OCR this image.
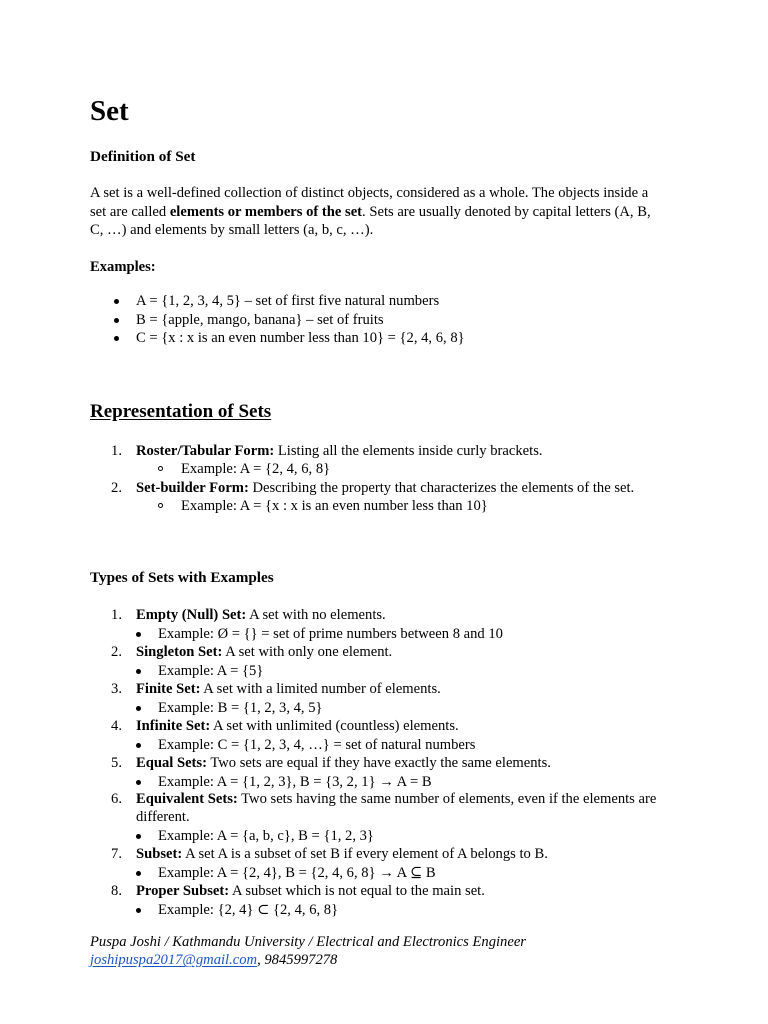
Set
Definition of Set
A set is a well-defined collection of distinct objects, considered as a whole. The objects inside a
set are called elements or members of the set. Sets are usually denoted by capital letters (A, B,
C, …) and elements by small letters (a, b, c, …).
Examples:
A = {1, 2, 3, 4, 5} – set of first five natural numbers
B = {apple, mango, banana} – set of fruits
C = {x : x is an even number less than 10} = {2, 4, 6, 8}
Representation of Sets
1. Roster/Tabular Form: Listing all the elements inside curly brackets.
Example: A = {2, 4, 6, 8}
2. Set-builder Form: Describing the property that characterizes the elements of the set.
Example: A = {x : x is an even number less than 10}
Types of Sets with Examples
1. Empty (Null) Set: A set with no elements.
Example: Ø = {} = set of prime numbers between 8 and 10
2. Singleton Set: A set with only one element.
Example: A = {5}
3. Finite Set: A set with a limited number of elements.
Example: B = {1, 2, 3, 4, 5}
4. Infinite Set: A set with unlimited (countless) elements.
Example: C = {1, 2, 3, 4, …} = set of natural numbers
5. Equal Sets: Two sets are equal if they have exactly the same elements.
Example: A = {1, 2, 3}, B = {3, 2, 1} → A = B
6. Equivalent Sets: Two sets having the same number of elements, even if the elements are
different.
Example: A = {a, b, c}, B = {1, 2, 3}
7. Subset: A set A is a subset of set B if every element of A belongs to B.
Example: A = {2, 4}, B = {2, 4, 6, 8} → A ⊆ B
8. Proper Subset: A subset which is not equal to the main set.
Example: {2, 4} ⊂ {2, 4, 6, 8}
Puspa Joshi / Kathmandu University / Electrical and Electronics Engineer
joshipuspa2017@gmail.com, 9845997278
